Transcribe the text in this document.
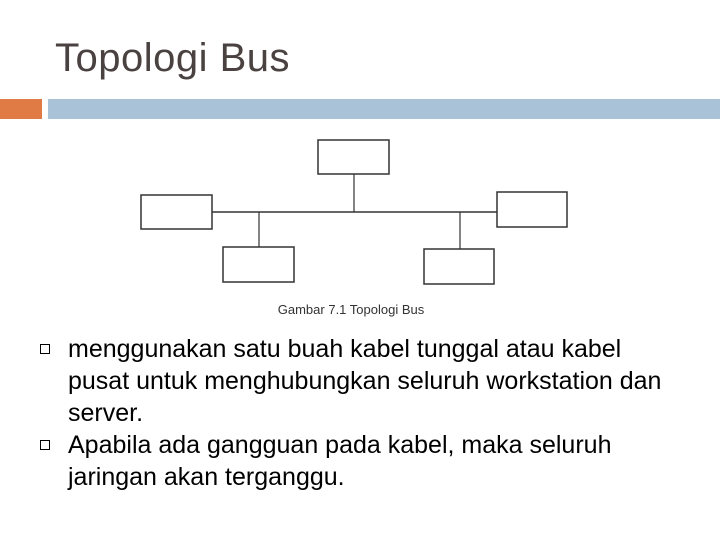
Topologi Bus
Gambar 7.1 Topologi Bus
menggunakan satu buah kabel tunggal atau kabel pusat untuk menghubungkan seluruh workstation dan server.
Apabila ada gangguan pada kabel, maka seluruh jaringan akan terganggu.
